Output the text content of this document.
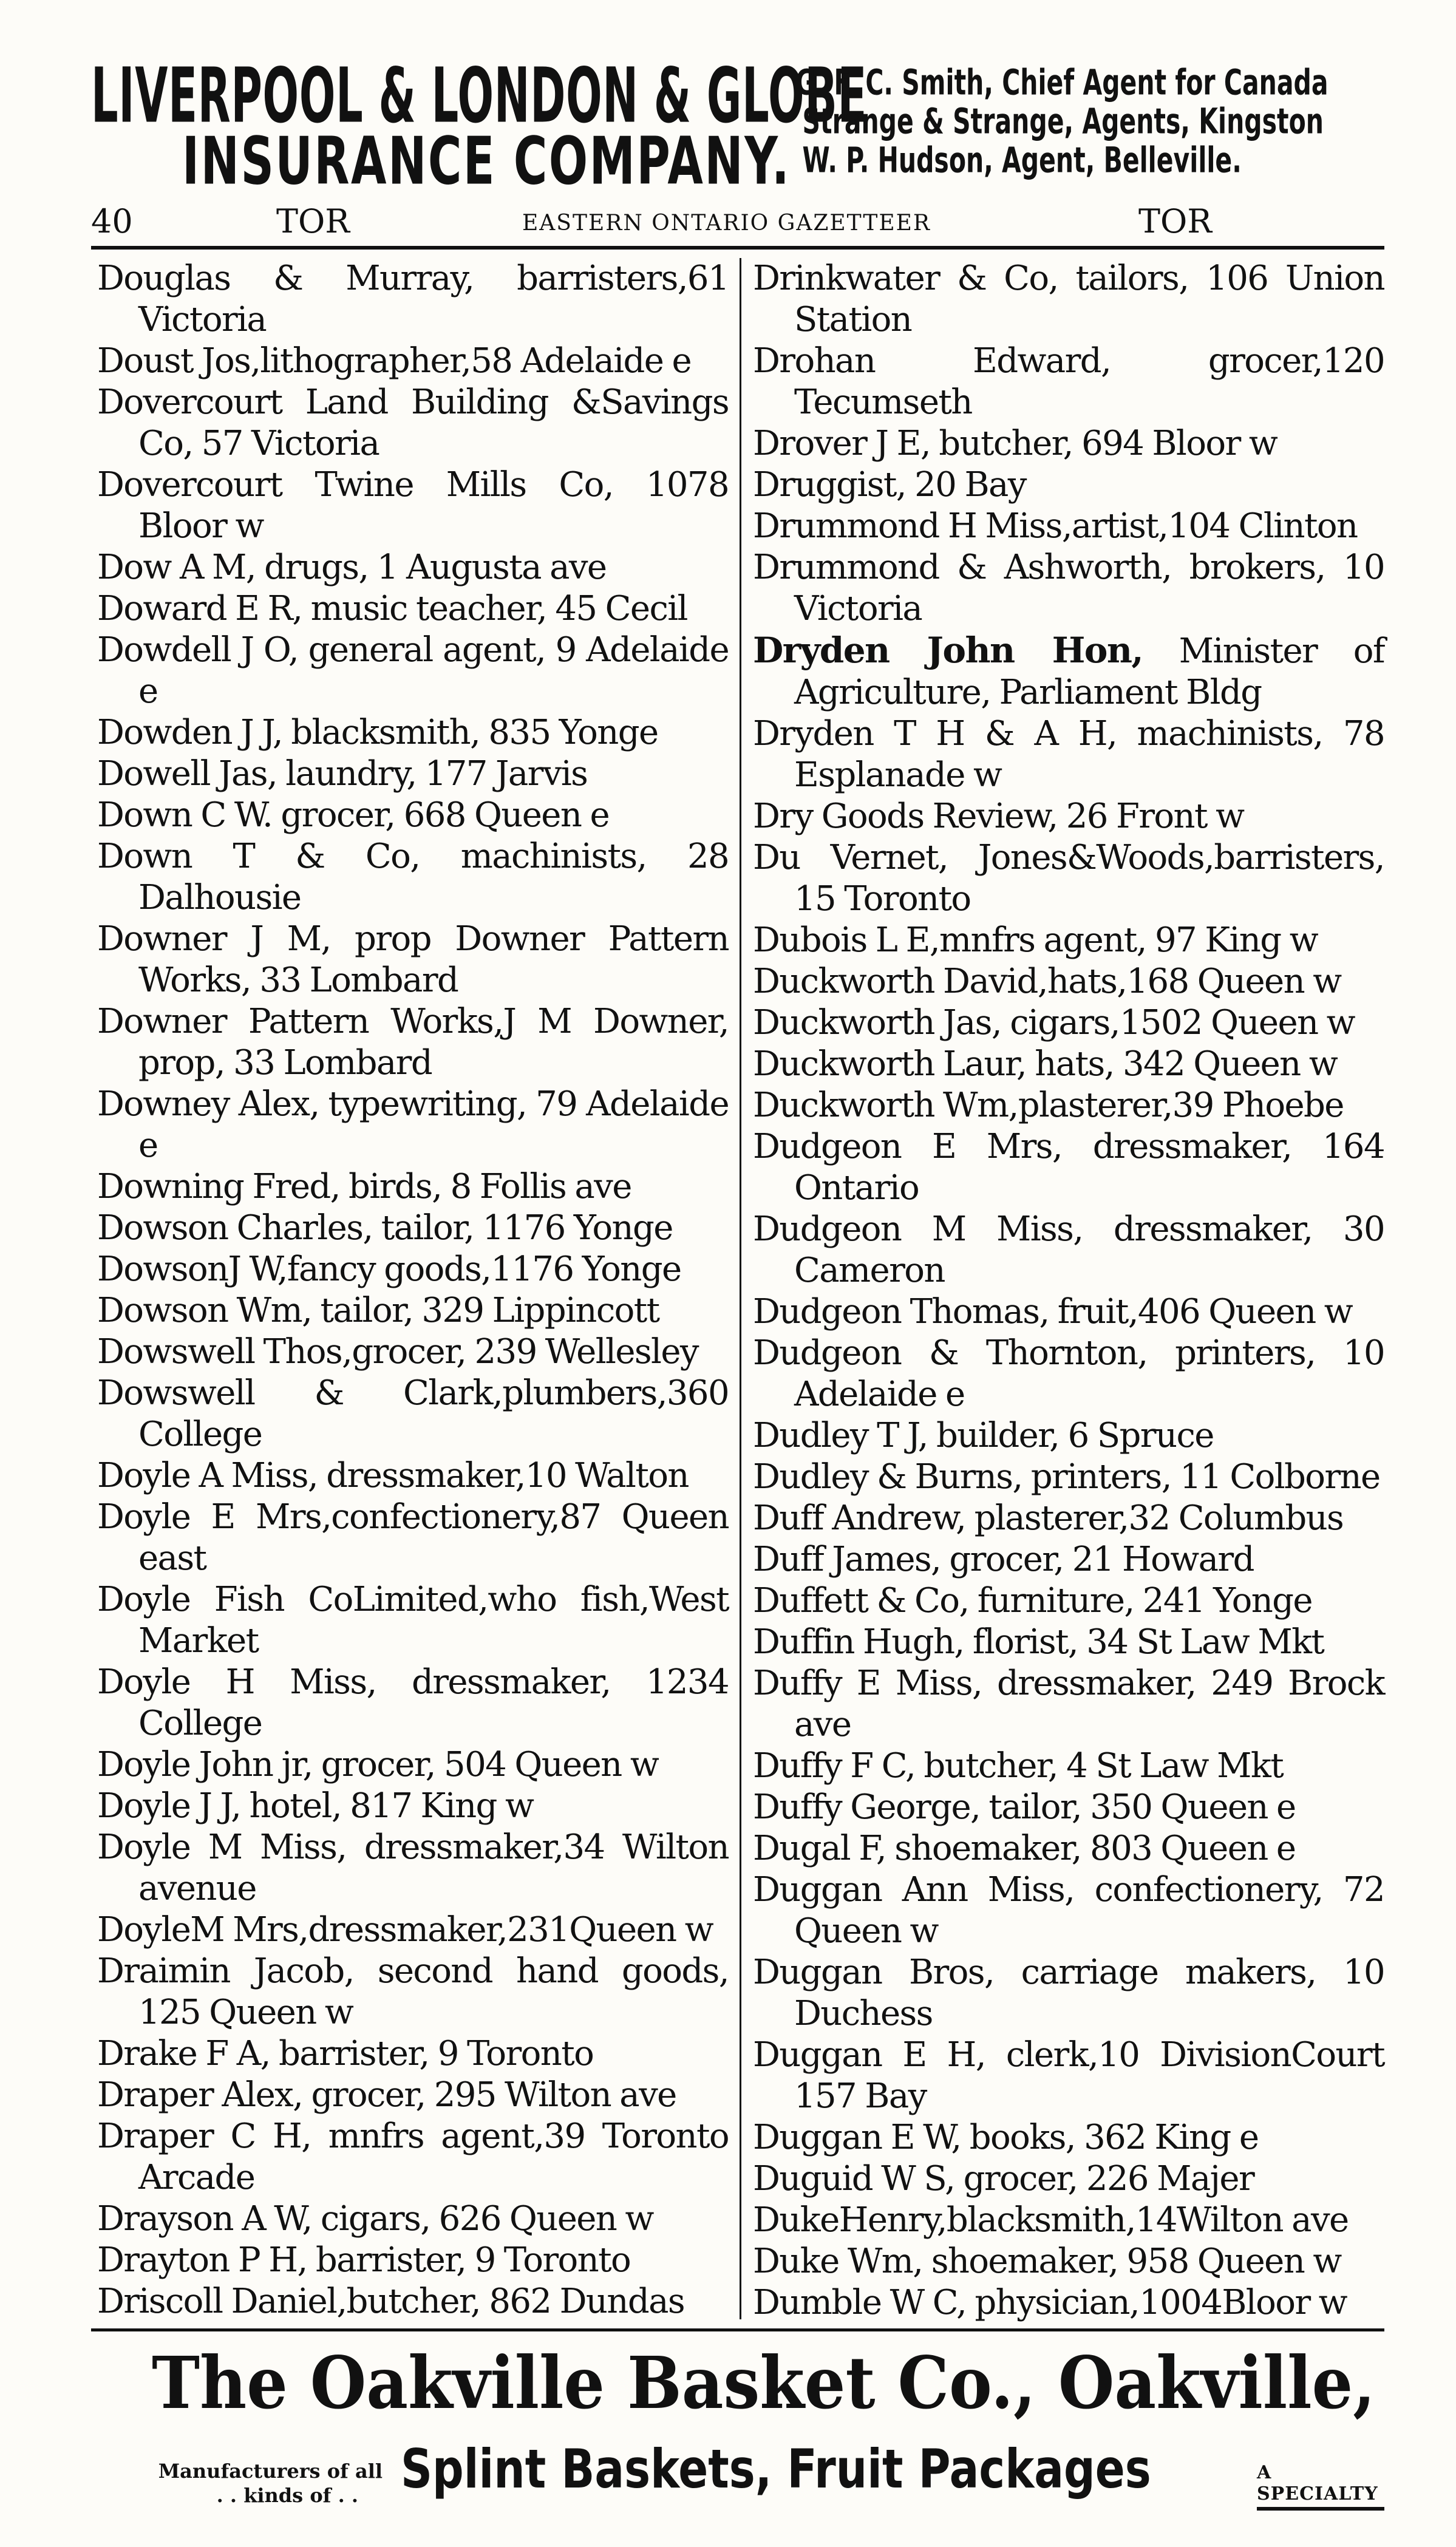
LIVERPOOL & LONDON & GLOBE
INSURANCE COMPANY.
G. F. C. Smith, Chief Agent for Canada
Strange & Strange, Agents, Kingston
W. P. Hudson, Agent, Belleville.
40	TOR	EASTERN ONTARIO GAZETTEER	TOR

Douglas & Murray, barristers,61 Victoria

Doust Jos,lithographer,58 Adelaide e

Dovercourt Land Building &Savings Co, 57 Victoria

Dovercourt Twine Mills Co, 1078 Bloor w

Dow A M, drugs, 1 Augusta ave

Doward E R, music teacher, 45 Cecil

Dowdell J O, general agent, 9 Adelaide e

Dowden J J, blacksmith, 835 Yonge

Dowell Jas, laundry, 177 Jarvis

Down C W. grocer, 668 Queen e

Down T & Co, machinists, 28 Dalhousie

Downer J M, prop Downer Pattern Works, 33 Lombard

Downer Pattern Works,J M Downer, prop, 33 Lombard

Downey Alex, typewriting, 79 Adelaide e

Downing Fred, birds, 8 Follis ave

Dowson Charles, tailor, 1176 Yonge

DowsonJ W,fancy goods,1176 Yonge

Dowson Wm, tailor, 329 Lippincott

Dowswell Thos,grocer, 239 Wellesley

Dowswell & Clark,plumbers,360 College

Doyle A Miss, dressmaker,10 Walton

Doyle E Mrs,confectionery,87 Queen east

Doyle Fish CoLimited,who fish,West Market

Doyle H Miss, dressmaker, 1234 College

Doyle John jr, grocer, 504 Queen w

Doyle J J, hotel, 817 King w

Doyle M Miss, dressmaker,34 Wilton avenue

DoyleM Mrs,dressmaker,231Queen w

Draimin Jacob, second hand goods, 125 Queen w

Drake F A, barrister, 9 Toronto

Draper Alex, grocer, 295 Wilton ave

Draper C H, mnfrs agent,39 Toronto Arcade

Drayson A W, cigars, 626 Queen w

Drayton P H, barrister, 9 Toronto

Driscoll Daniel,butcher, 862 Dundas

Drinkwater & Co, tailors, 106 Union Station

Drohan Edward, grocer,120 Tecumseth

Drover J E, butcher, 694 Bloor w

Druggist, 20 Bay

Drummond H Miss,artist,104 Clinton

Drummond & Ashworth, brokers, 10 Victoria

Dryden John Hon, Minister of Agriculture, Parliament Bldg

Dryden T H & A H, machinists, 78 Esplanade w

Dry Goods Review, 26 Front w

Du Vernet, Jones&Woods,barristers, 15 Toronto

Dubois L E,mnfrs agent, 97 King w

Duckworth David,hats,168 Queen w

Duckworth Jas, cigars,1502 Queen w

Duckworth Laur, hats, 342 Queen w

Duckworth Wm,plasterer,39 Phoebe

Dudgeon E Mrs, dressmaker, 164 Ontario

Dudgeon M Miss, dressmaker, 30 Cameron

Dudgeon Thomas, fruit,406 Queen w

Dudgeon & Thornton, printers, 10 Adelaide e

Dudley T J, builder, 6 Spruce

Dudley & Burns, printers, 11 Colborne

Duff Andrew, plasterer,32 Columbus

Duff James, grocer, 21 Howard

Duffett & Co, furniture, 241 Yonge

Duffin Hugh, florist, 34 St Law Mkt

Duffy E Miss, dressmaker, 249 Brock ave

Duffy F C, butcher, 4 St Law Mkt

Duffy George, tailor, 350 Queen e

Dugal F, shoemaker, 803 Queen e

Duggan Ann Miss, confectionery, 72 Queen w

Duggan Bros, carriage makers, 10 Duchess

Duggan E H, clerk,10 DivisionCourt 157 Bay

Duggan E W, books, 362 King e

Duguid W S, grocer, 226 Majer

DukeHenry,blacksmith,14Wilton ave

Duke Wm, shoemaker, 958 Queen w

Dumble W C, physician,1004Bloor w

The Oakville Basket Co., Oakville,
Manufacturers of all
. . kinds of . . Splint Baskets, Fruit Packages	A SPECIALTY
